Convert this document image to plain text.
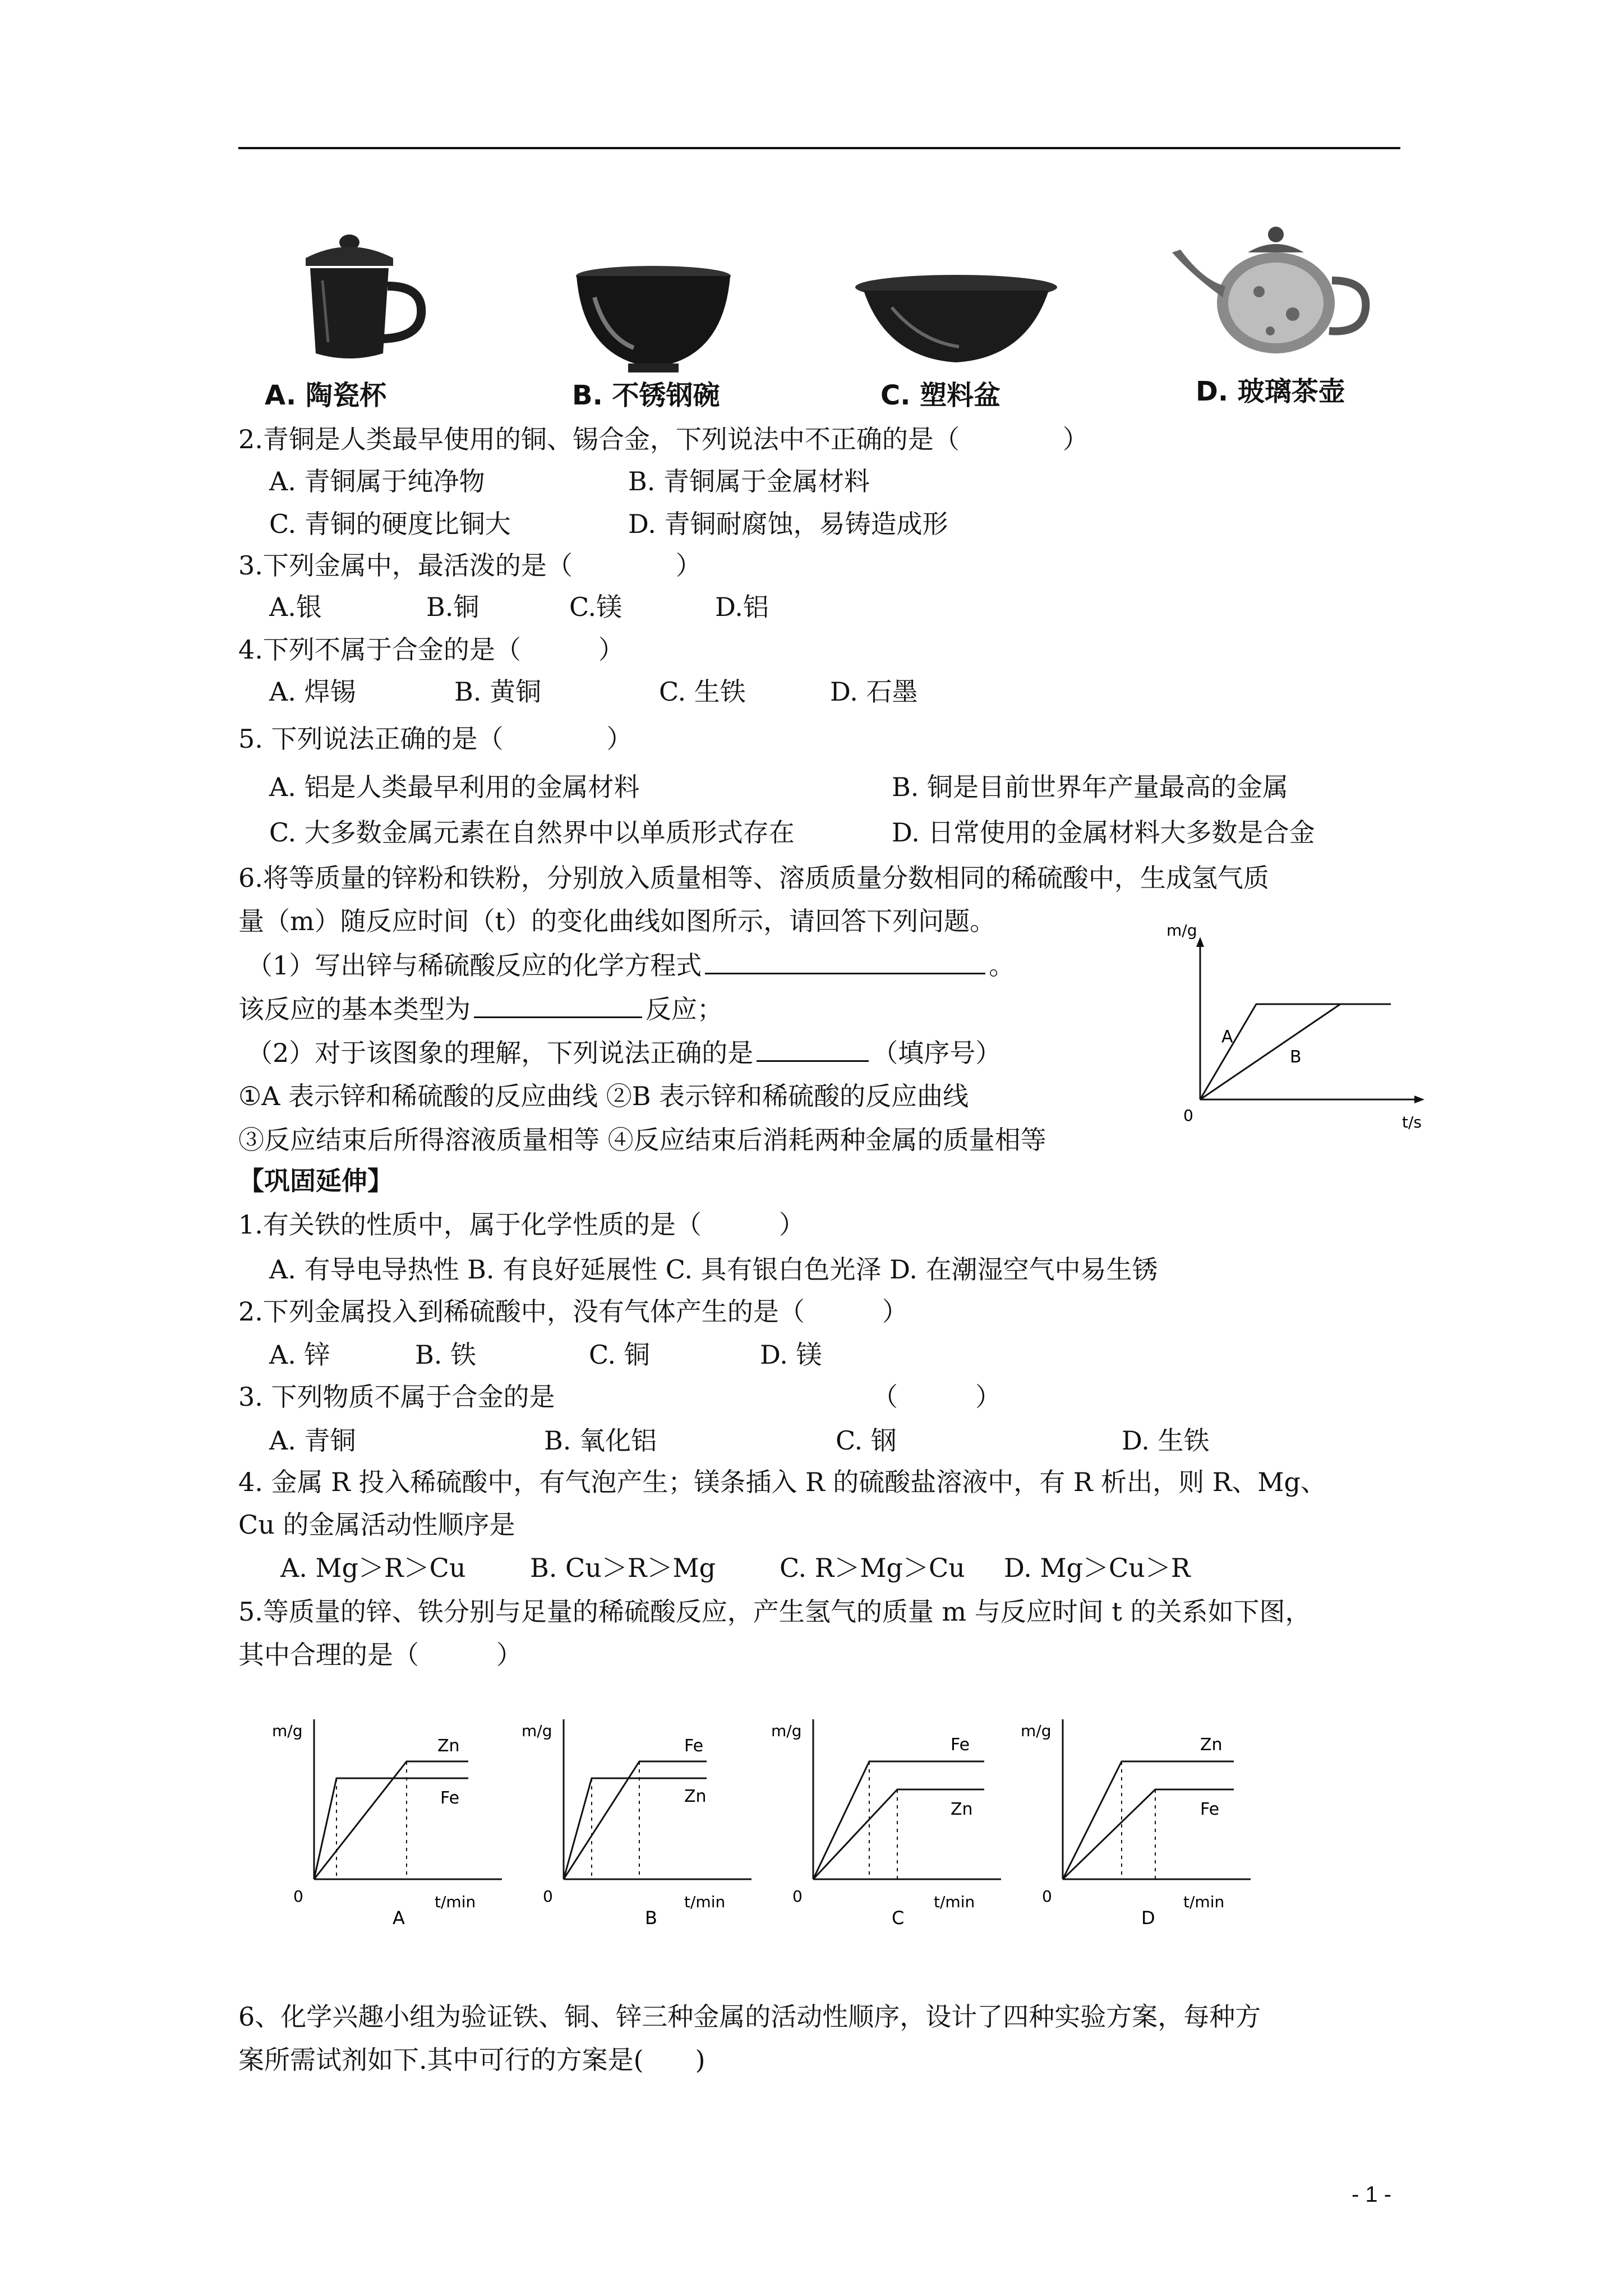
A. 陶瓷杯	B. 不锈钢碗	C. 塑料盆	D. 玻璃茶壶
2.青铜是人类最早使用的铜、锡合金，下列说法中不正确的是（　　　　）
A. 青铜属于纯净物	B. 青铜属于金属材料
C. 青铜的硬度比铜大	D. 青铜耐腐蚀，易铸造成形
3.下列金属中，最活泼的是（　　　　）
A.银	B.铜	C.镁	D.铝
4.下列不属于合金的是（　　　）
A. 焊锡	B. 黄铜	C. 生铁	D. 石墨
5. 下列说法正确的是（　　　　）
A. 铝是人类最早利用的金属材料	B. 铜是目前世界年产量最高的金属
C. 大多数金属元素在自然界中以单质形式存在	D. 日常使用的金属材料大多数是合金
6.将等质量的锌粉和铁粉，分别放入质量相等、溶质质量分数相同的稀硫酸中，生成氢气质
量（m）随反应时间（t）的变化曲线如图所示，请回答下列问题。
（1）写出锌与稀硫酸反应的化学方程式	。
该反应的基本类型为	反应；
（2）对于该图象的理解，下列说法正确的是	（填序号）
①A 表示锌和稀硫酸的反应曲线 ②B 表示锌和稀硫酸的反应曲线
③反应结束后所得溶液质量相等 ④反应结束后消耗两种金属的质量相等
m/g
t/s
0
A
B
【巩固延伸】
1.有关铁的性质中，属于化学性质的是（　　　）
A. 有导电导热性 B. 有良好延展性 C. 具有银白色光泽 D. 在潮湿空气中易生锈
2.下列金属投入到稀硫酸中，没有气体产生的是（　　　）
A. 锌	B. 铁	C. 铜	D. 镁
3. 下列物质不属于合金的是	（　　　）
A. 青铜	B. 氧化铝	C. 钢	D. 生铁
4. 金属 R 投入稀硫酸中，有气泡产生；镁条插入 R 的硫酸盐溶液中，有 R 析出，则 R、Mg、
Cu 的金属活动性顺序是
A. Mg＞R＞Cu B. Cu＞R＞Mg C. R＞Mg＞Cu D. Mg＞Cu＞R
5.等质量的锌、铁分别与足量的稀硫酸反应，产生氢气的质量 m 与反应时间 t 的关系如下图，
其中合理的是（　　　）
m/g
0	t/min
Zn
Fe
A
m/g
0	t/min
Fe
Zn
B
m/g
0	t/min
Fe
Zn
C
m/g
0	t/min
Zn
Fe
D
6、化学兴趣小组为验证铁、铜、锌三种金属的活动性顺序，设计了四种实验方案，每种方
案所需试剂如下.其中可行的方案是(　　)
- 1 -
